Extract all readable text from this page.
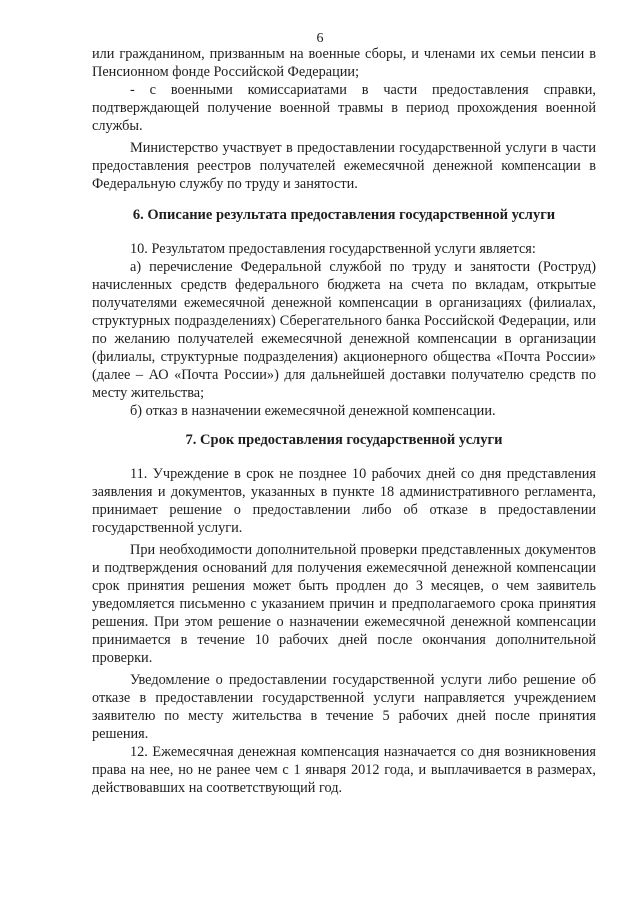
6

или гражданином, призванным на военные сборы, и членами их семьи пенсии в Пенсионном фонде Российской Федерации;

- с военными комиссариатами в части предоставления справки, подтверждающей получение военной травмы в период прохождения военной службы.

Министерство участвует в предоставлении государственной услуги в части предоставления реестров получателей ежемесячной денежной компенсации в Федеральную службу по труду и занятости.

6. Описание результата предоставления государственной услуги

10. Результатом предоставления государственной услуги является:

а) перечисление Федеральной службой по труду и занятости (Роструд) начисленных средств федерального бюджета на счета по вкладам, открытые получателями ежемесячной денежной компенсации в организациях (филиалах, структурных подразделениях) Сберегательного банка Российской Федерации, или по желанию получателей ежемесячной денежной компенсации в организации (филиалы, структурные подразделения) акционерного общества «Почта России» (далее – АО «Почта России») для дальнейшей доставки получателю средств по месту жительства;

б) отказ в назначении ежемесячной денежной компенсации.

7. Срок предоставления государственной услуги

11. Учреждение в срок не позднее 10 рабочих дней со дня представления заявления и документов, указанных в пункте 18 административного регламента, принимает решение о предоставлении либо об отказе в предоставлении государственной услуги.

При необходимости дополнительной проверки представленных документов и подтверждения оснований для получения ежемесячной денежной компенсации срок принятия решения может быть продлен до 3 месяцев, о чем заявитель уведомляется письменно с указанием причин и предполагаемого срока принятия решения. При этом решение о назначении ежемесячной денежной компенсации принимается в течение 10 рабочих дней после окончания дополнительной проверки.

Уведомление о предоставлении государственной услуги либо решение об отказе в предоставлении государственной услуги направляется учреждением заявителю по месту жительства в течение 5 рабочих дней после принятия решения.

12. Ежемесячная денежная компенсация назначается со дня возникновения права на нее, но не ранее чем с 1 января 2012 года, и выплачивается в размерах, действовавших на соответствующий год.
